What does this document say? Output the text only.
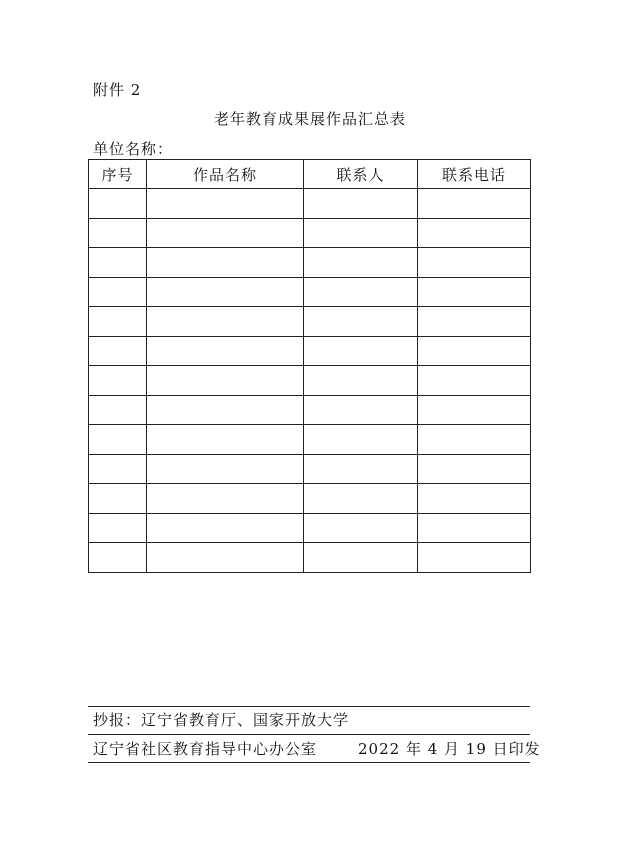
附件 2
老年教育成果展作品汇总表
单位名称：
序号	作品名称	联系人	联系电话

抄报：辽宁省教育厅、国家开放大学
辽宁省社区教育指导中心办公室	2022 年 4 月 19 日印发
